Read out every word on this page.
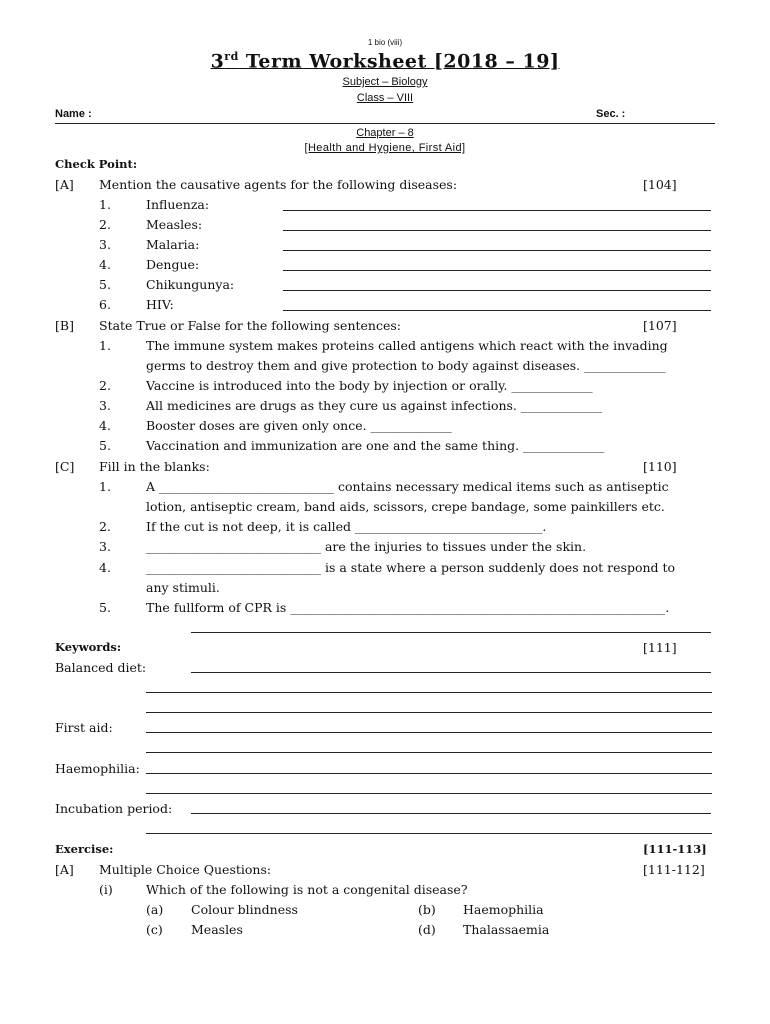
1 bio (viii)
3rd Term Worksheet [2018 – 19]
Subject – Biology
Class – VIII
Name :	Sec. :
Chapter – 8
[Health and Hygiene, First Aid]
Check Point:
[A] Mention the causative agents for the following diseases:	[104]
1.	Influenza:
2.	Measles:
3.	Malaria:
4.	Dengue:
5.	Chikungunya:
6.	HIV:
[B] State True or False for the following sentences:	[107]
1.	The immune system makes proteins called antigens which react with the invading
germs to destroy them and give protection to body against diseases. _____________
2.	Vaccine is introduced into the body by injection or orally. _____________
3.	All medicines are drugs as they cure us against infections. _____________
4.	Booster doses are given only once. _____________
5.	Vaccination and immunization are one and the same thing. _____________
[C] Fill in the blanks:	[110]
1.	A ____________________________ contains necessary medical items such as antiseptic
lotion, antiseptic cream, band aids, scissors, crepe bandage, some painkillers etc.
2.	If the cut is not deep, it is called ______________________________.
3.	____________________________ are the injuries to tissues under the skin.
4.	____________________________ is a state where a person suddenly does not respond to
any stimuli.
5.	The fullform of CPR is ____________________________________________________________.
Keywords:	[111]
Balanced diet:
First aid:
Haemophilia:
Incubation period:
Exercise:	[111-113]
[A] Multiple Choice Questions:	[111-112]
(i)	Which of the following is not a congenital disease?
(a) Colour blindness	(b) Haemophilia
(c) Measles	(d) Thalassaemia
